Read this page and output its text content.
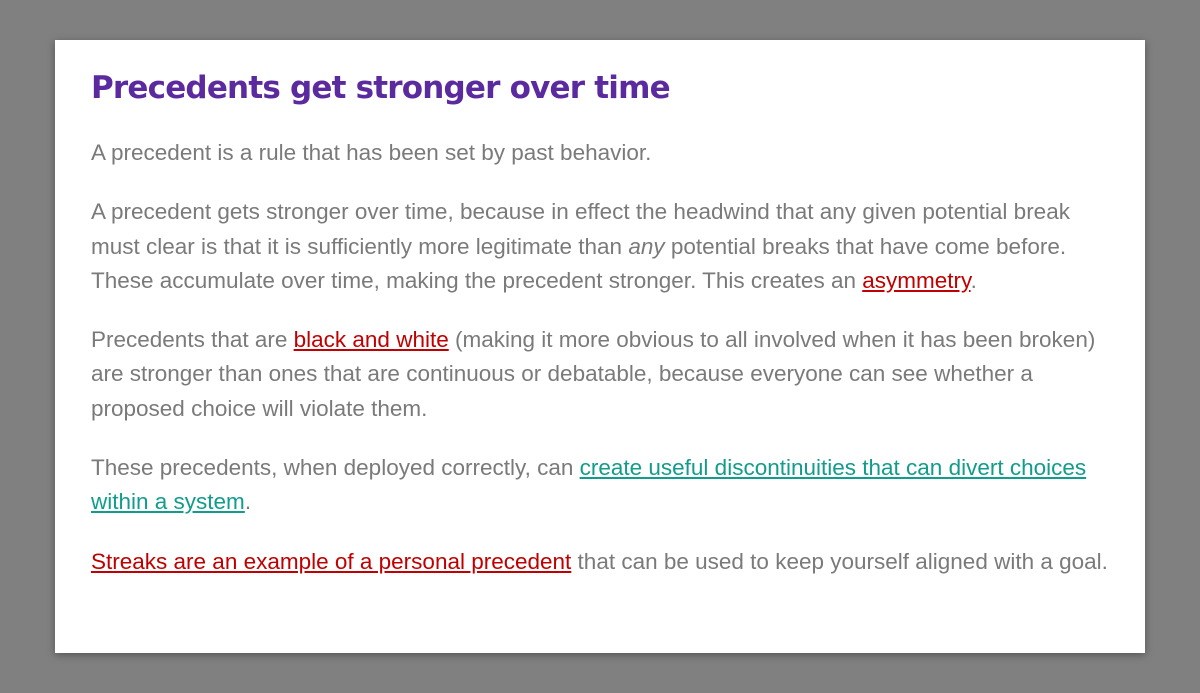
Precedents get stronger over time

A precedent is a rule that has been set by past behavior.

A precedent gets stronger over time, because in effect the headwind that any given potential break must clear is that it is sufficiently more legitimate than any potential breaks that have come before. These accumulate over time, making the precedent stronger. This creates an asymmetry.

Precedents that are black and white (making it more obvious to all involved when it has been broken) are stronger than ones that are continuous or debatable, because everyone can see whether a proposed choice will violate them.

These precedents, when deployed correctly, can create useful discontinuities that can divert choices within a system.

Streaks are an example of a personal precedent that can be used to keep yourself aligned with a goal.
